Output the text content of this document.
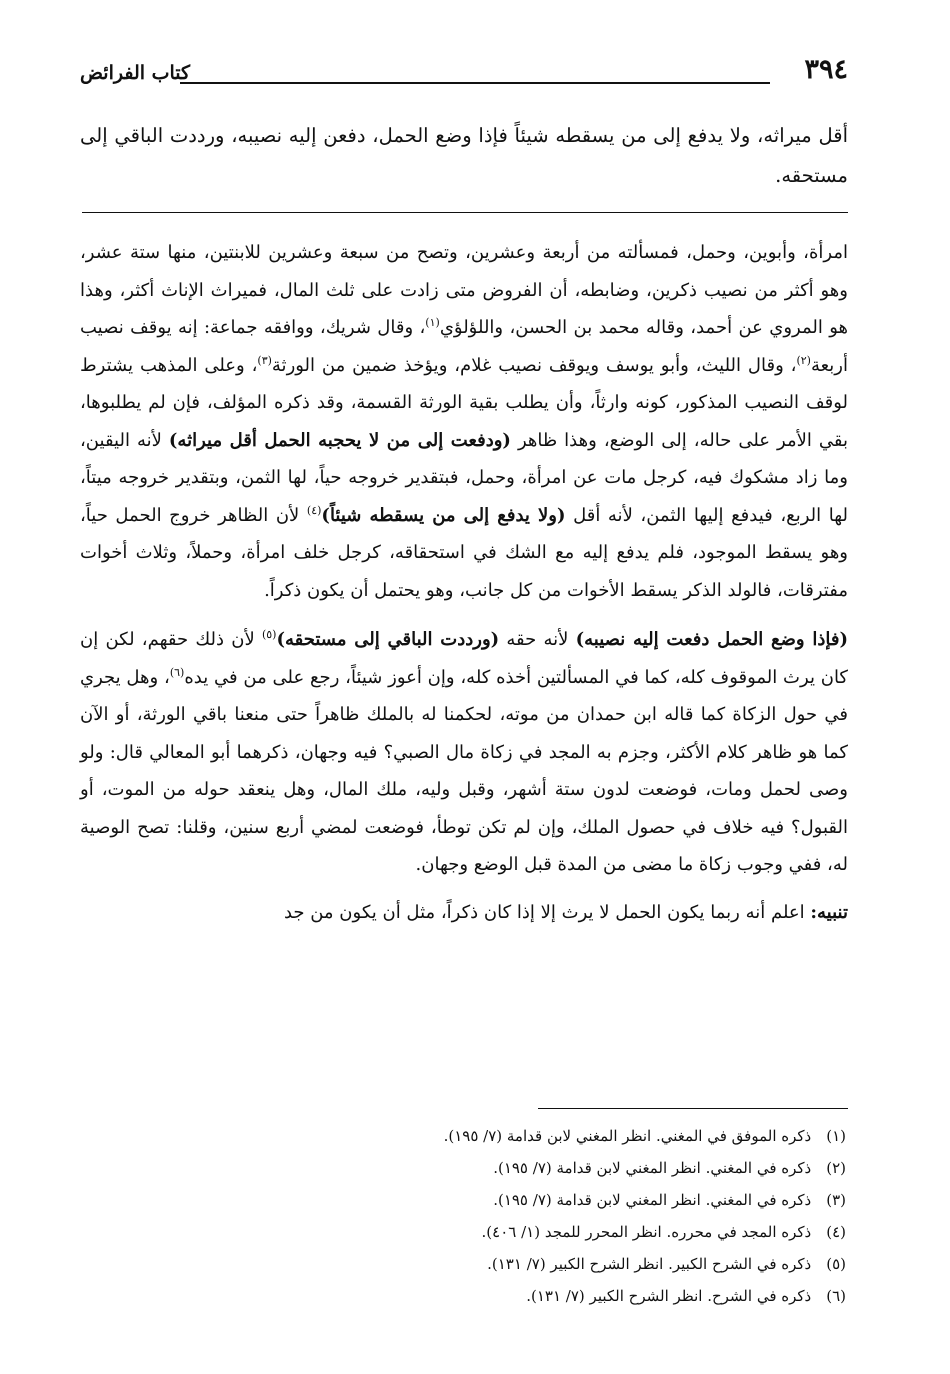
٣٩٤
كتاب الفرائض
أقل ميراثه، ولا يدفع إلى من يسقطه شيئاً فإذا وضع الحمل، دفعن إليه نصيبه، ورددت الباقي إلى مستحقه.

امرأة، وأبوين، وحمل، فمسألته من أربعة وعشرين، وتصح من سبعة وعشرين للابنتين، منها ستة عشر، وهو أكثر من نصيب ذكرين، وضابطه، أن الفروض متى زادت على ثلث المال، فميراث الإناث أكثر، وهذا هو المروي عن أحمد، وقاله محمد بن الحسن، واللؤلؤي$^{(١)}$، وقال شريك، ووافقه جماعة: إنه يوقف نصيب أربعة$^{(٢)}$، وقال الليث، وأبو يوسف ويوقف نصيب غلام، ويؤخذ ضمين من الورثة$^{(٣)}$، وعلى المذهب يشترط لوقف النصيب المذكور، كونه وارثاً، وأن يطلب بقية الورثة القسمة، وقد ذكره المؤلف، فإن لم يطلبوها، بقي الأمر على حاله، إلى الوضع، وهذا ظاهر (ودفعت إلى من لا يحجبه الحمل أقل ميراثه) لأنه اليقين، وما زاد مشكوك فيه، كرجل مات عن امرأة، وحمل، فبتقدير خروجه حياً، لها الثمن، وبتقدير خروجه ميتاً، لها الربع، فيدفع إليها الثمن، لأنه أقل (ولا يدفع إلى من يسقطه شيئاً)$^{(٤)}$ لأن الظاهر خروج الحمل حياً، وهو يسقط الموجود، فلم يدفع إليه مع الشك في استحقاقه، كرجل خلف امرأة، وحملاً، وثلاث أخوات مفترقات، فالولد الذكر يسقط الأخوات من كل جانب، وهو يحتمل أن يكون ذكراً.

(فإذا وضع الحمل دفعت إليه نصيبه) لأنه حقه (ورددت الباقي إلى مستحقه)$^{(٥)}$ لأن ذلك حقهم، لكن إن كان يرث الموقوف كله، كما في المسألتين أخذه كله، وإن أعوز شيئاً، رجع على من في يده$^{(٦)}$، وهل يجري في حول الزكاة كما قاله ابن حمدان من موته، لحكمنا له بالملك ظاهراً حتى منعنا باقي الورثة، أو الآن كما هو ظاهر كلام الأكثر، وجزم به المجد في زكاة مال الصبي؟ فيه وجهان، ذكرهما أبو المعالي قال: ولو وصى لحمل ومات، فوضعت لدون ستة أشهر، وقبل وليه، ملك المال، وهل ينعقد حوله من الموت، أو القبول؟ فيه خلاف في حصول الملك، وإن لم تكن توطأ، فوضعت لمضي أربع سنين، وقلنا: تصح الوصية له، ففي وجوب زكاة ما مضى من المدة قبل الوضع وجهان.

تنبيه: اعلم أنه ربما يكون الحمل لا يرث إلا إذا كان ذكراً، مثل أن يكون من جد

(١) ذكره الموفق في المغني. انظر المغني لابن قدامة (٧/ ١٩٥).
(٢) ذكره في المغني. انظر المغني لابن قدامة (٧/ ١٩٥).
(٣) ذكره في المغني. انظر المغني لابن قدامة (٧/ ١٩٥).
(٤) ذكره المجد في محرره. انظر المحرر للمجد (١/ ٤٠٦).
(٥) ذكره في الشرح الكبير. انظر الشرح الكبير (٧/ ١٣١).
(٦) ذكره في الشرح. انظر الشرح الكبير (٧/ ١٣١).
